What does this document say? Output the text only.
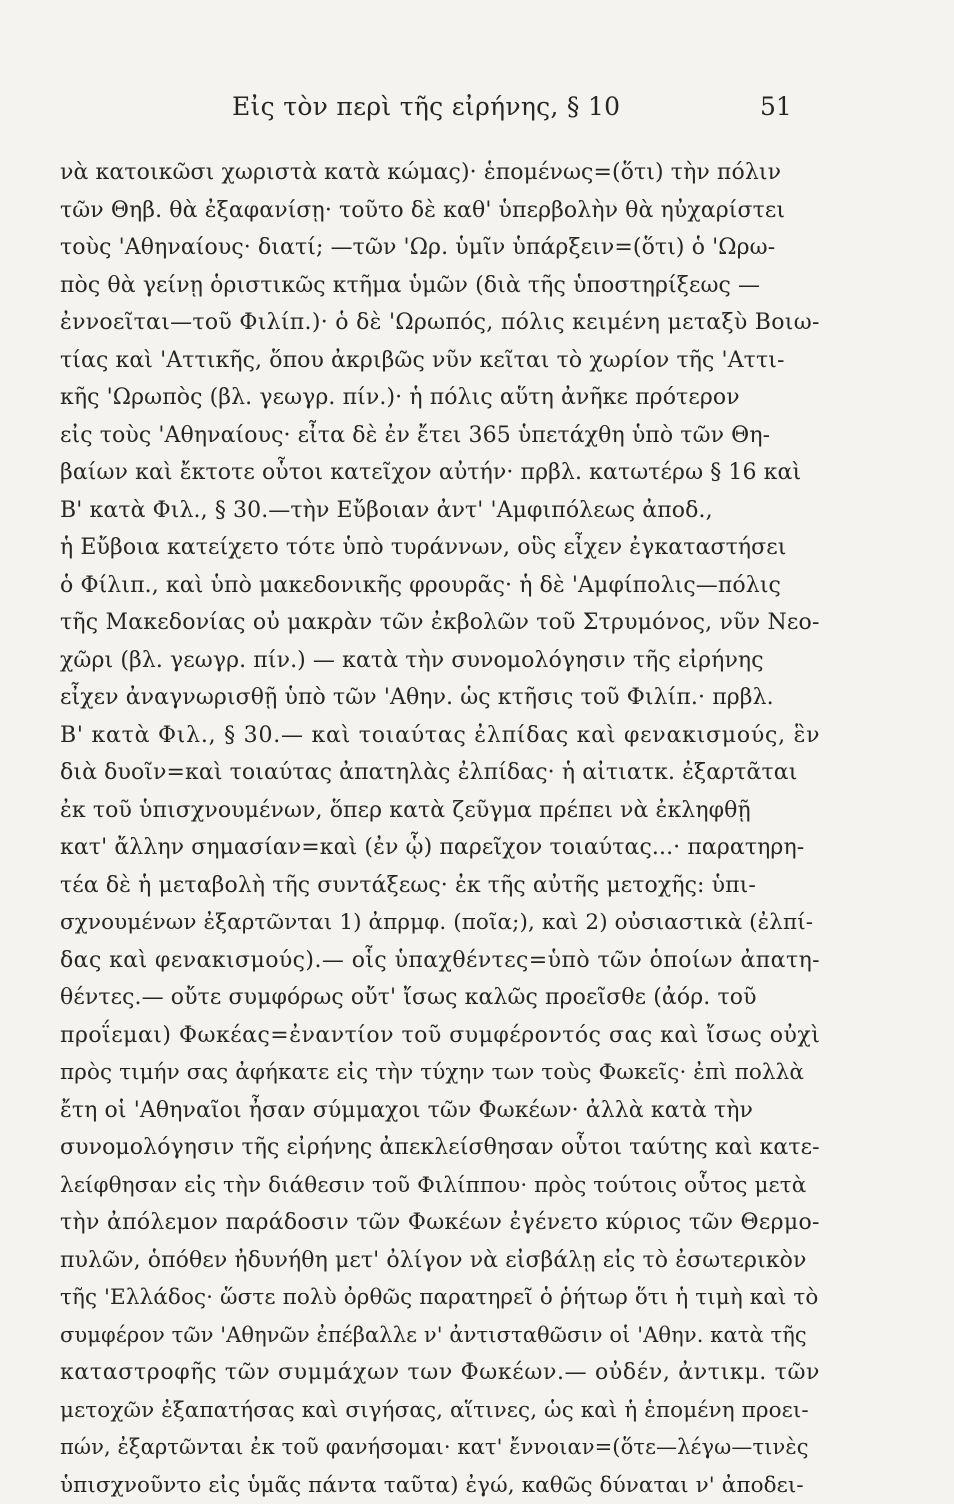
Εἰς τὸν περὶ τῆς εἰρήνης, § 10	51
νὰ κατοικῶσι χωριστὰ κατὰ κώμας)· ἑπομένως=(ὅτι) τὴν πόλιν
τῶν Θηβ. θὰ ἐξαφανίσῃ· τοῦτο δὲ καθ' ὑπερβολὴν θὰ ηὐχαρίστει
τοὺς 'Αθηναίους· διατί; —τῶν 'Ωρ. ὑμῖν ὑπάρξειν=(ὅτι) ὁ 'Ωρω-
πὸς θὰ γείνῃ ὁριστικῶς κτῆμα ὑμῶν (διὰ τῆς ὑποστηρίξεως —
ἐννοεῖται—τοῦ Φιλίπ.)· ὁ δὲ 'Ωρωπός, πόλις κειμένη μεταξὺ Βοιω-
τίας καὶ 'Αττικῆς, ὅπου ἀκριβῶς νῦν κεῖται τὸ χωρίον τῆς 'Αττι-
κῆς 'Ωρωπὸς (βλ. γεωγρ. πίν.)· ἡ πόλις αὕτη ἀνῆκε πρότερον
εἰς τοὺς 'Αθηναίους· εἶτα δὲ ἐν ἔτει 365 ὑπετάχθη ὑπὸ τῶν Θη-
βαίων καὶ ἔκτοτε οὗτοι κατεῖχον αὐτήν· πρβλ. κατωτέρω § 16 καὶ
Β' κατὰ Φιλ., § 30.—τὴν Εὔβοιαν ἀντ' 'Αμφιπόλεως ἀποδ.,
ἡ Εὔβοια κατείχετο τότε ὑπὸ τυράννων, οὓς εἶχεν ἐγκαταστήσει
ὁ Φίλιπ., καὶ ὑπὸ μακεδονικῆς φρουρᾶς· ἡ δὲ 'Αμφίπολις—πόλις
τῆς Μακεδονίας οὐ μακρὰν τῶν ἐκβολῶν τοῦ Στρυμόνος, νῦν Νεο-
χῶρι (βλ. γεωγρ. πίν.) — κατὰ τὴν συνομολόγησιν τῆς εἰρήνης
εἶχεν ἀναγνωρισθῇ ὑπὸ τῶν 'Αθην. ὡς κτῆσις τοῦ Φιλίπ.· πρβλ.
Β' κατὰ Φιλ., § 30.— καὶ τοιαύτας ἐλπίδας καὶ φενακισμούς, ἓν
διὰ δυοῖν=καὶ τοιαύτας ἀπατηλὰς ἐλπίδας· ἡ αἰτιατκ. ἐξαρτᾶται
ἐκ τοῦ ὑπισχνουμένων, ὅπερ κατὰ ζεῦγμα πρέπει νὰ ἐκληφθῇ
κατ' ἄλλην σημασίαν=καὶ (ἐν ᾧ) παρεῖχον τοιαύτας...· παρατηρη-
τέα δὲ ἡ μεταβολὴ τῆς συντάξεως· ἐκ τῆς αὐτῆς μετοχῆς: ὑπι-
σχνουμένων ἐξαρτῶνται 1) ἀπρμφ. (ποῖα;), καὶ 2) οὐσιαστικὰ (ἐλπί-
δας καὶ φενακισμούς).— οἷς ὑπαχθέντες=ὑπὸ τῶν ὁποίων ἀπατη-
θέντες.— οὔτε συμφόρως οὔτ' ἴσως καλῶς προεῖσθε (ἀόρ. τοῦ
προΐεμαι) Φωκέας=ἐναντίον τοῦ συμφέροντός σας καὶ ἴσως οὐχὶ
πρὸς τιμήν σας ἀφήκατε εἰς τὴν τύχην των τοὺς Φωκεῖς· ἐπὶ πολλὰ
ἔτη οἱ 'Αθηναῖοι ἦσαν σύμμαχοι τῶν Φωκέων· ἀλλὰ κατὰ τὴν
συνομολόγησιν τῆς εἰρήνης ἀπεκλείσθησαν οὗτοι ταύτης καὶ κατε-
λείφθησαν εἰς τὴν διάθεσιν τοῦ Φιλίππου· πρὸς τούτοις οὗτος μετὰ
τὴν ἀπόλεμον παράδοσιν τῶν Φωκέων ἐγένετο κύριος τῶν Θερμο-
πυλῶν, ὁπόθεν ἠδυνήθη μετ' ὀλίγον νὰ εἰσβάλῃ εἰς τὸ ἐσωτερικὸν
τῆς 'Ελλάδος· ὥστε πολὺ ὀρθῶς παρατηρεῖ ὁ ῥήτωρ ὅτι ἡ τιμὴ καὶ τὸ
συμφέρον τῶν 'Αθηνῶν ἐπέβαλλε ν' ἀντισταθῶσιν οἱ 'Αθην. κατὰ τῆς
καταστροφῆς τῶν συμμάχων των Φωκέων.— οὐδέν, ἀντικμ. τῶν
μετοχῶν ἐξαπατήσας καὶ σιγήσας, αἵτινες, ὡς καὶ ἡ ἑπομένη προει-
πών, ἐξαρτῶνται ἐκ τοῦ φανήσομαι· κατ' ἔννοιαν=(ὅτε—λέγω—τινὲς
ὑπισχνοῦντο εἰς ὑμᾶς πάντα ταῦτα) ἐγώ, καθῶς δύναται ν' ἀποδει-
